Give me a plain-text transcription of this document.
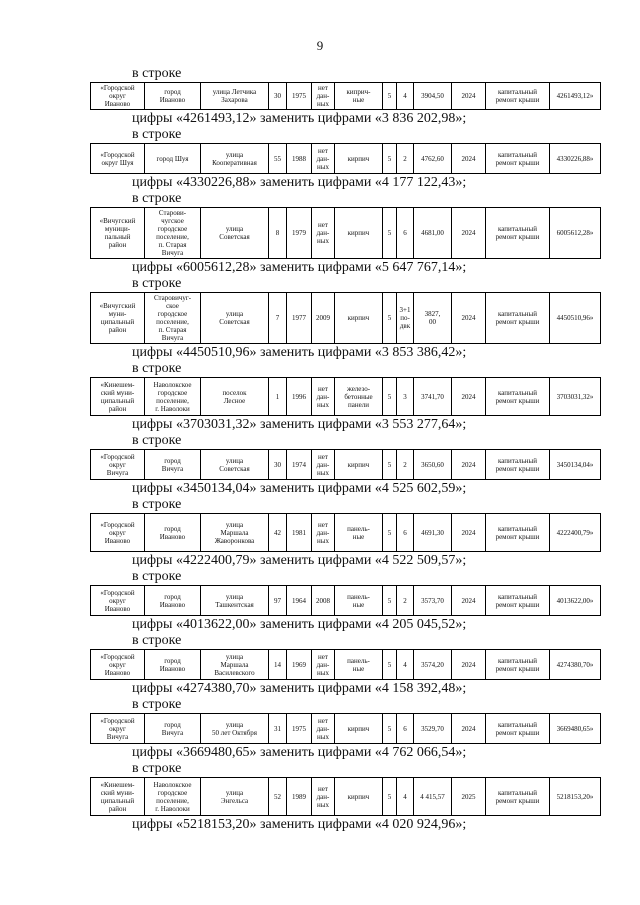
9
в строке
«Городской
округ
Иваново	город
Иваново	улица Летчика
Захарова	30	1975	нет
дан-
ных	киприч-
ные	5	4	3904,50	2024	капитальный
ремонт крыши	4261493,12»
цифры «4261493,12» заменить цифрами «3 836 202,98»;
в строке
«Городской
округ Шуя	город Шуя	улица
Кооперативная	55	1988	нет
дан-
ных	кирпич	5	2	4762,60	2024	капитальный
ремонт крыши	4330226,88»
цифры «4330226,88» заменить цифрами «4 177 122,43»;
в строке
«Вичугский
муници-
пальный
район	Старови-
чугское
городское
поселение,
п. Старая
Вичуга	улица
Советская	8	1979	нет
дан-
ных	кирпич	5	6	4681,00	2024	капитальный
ремонт крыши	6005612,28»
цифры «6005612,28» заменить цифрами «5 647 767,14»;
в строке
«Вичугский
муни-
ципальный
район	Старовичуг-
ское
городское
поселение,
п. Старая
Вичуга	улица
Советская	7	1977	2009	кирпич	5	3+1
по-
двк	3827,
00	2024	капитальный
ремонт крыши	4450510,96»
цифры «4450510,96» заменить цифрами «3 853 386,42»;
в строке
«Кинешем-
ский муни-
ципальный
район	Наволокское
городское
поселение,
г. Наволоки	поселок
Лесное	1	1996	нет
дан-
ных	железо-
бетонные
панели	5	3	3741,70	2024	капитальный
ремонт крыши	3703031,32»
цифры «3703031,32» заменить цифрами «3 553 277,64»;
в строке
«Городской
округ
Вичуга	город
Вичуга	улица
Советская	30	1974	нет
дан-
ных	кирпич	5	2	3650,60	2024	капитальный
ремонт крыши	3450134,04»
цифры «3450134,04» заменить цифрами «4 525 602,59»;
в строке
«Городской
округ
Иваново	город
Иваново	улица
Маршала
Жаворонкова	42	1981	нет
дан-
ных	панель-
ные	5	6	4691,30	2024	капитальный
ремонт крыши	4222400,79»
цифры «4222400,79» заменить цифрами «4 522 509,57»;
в строке
«Городской
округ
Иваново	город
Иваново	улица
Ташкентская	97	1964	2008	панель-
ные	5	2	3573,70	2024	капитальный
ремонт крыши	4013622,00»
цифры «4013622,00» заменить цифрами «4 205 045,52»;
в строке
«Городской
округ
Иваново	город
Иваново	улица
Маршала
Василевского	14	1969	нет
дан-
ных	панель-
ные	5	4	3574,20	2024	капитальный
ремонт крыши	4274380,70»
цифры «4274380,70» заменить цифрами «4 158 392,48»;
в строке
«Городской
округ
Вичуга	город
Вичуга	улица
50 лет Октября	31	1975	нет
дан-
ных	кирпич	5	6	3529,70	2024	капитальный
ремонт крыши	3669480,65»
цифры «3669480,65» заменить цифрами «4 762 066,54»;
в строке
«Кинешем-
ский муни-
ципальный
район	Наволокское
городское
поселение,
г. Наволоки	улица
Энгельса	52	1989	нет
дан-
ных	кирпич	5	4	4 415,57	2025	капитальный
ремонт крыши	5218153,20»
цифры «5218153,20» заменить цифрами «4 020 924,96»;
